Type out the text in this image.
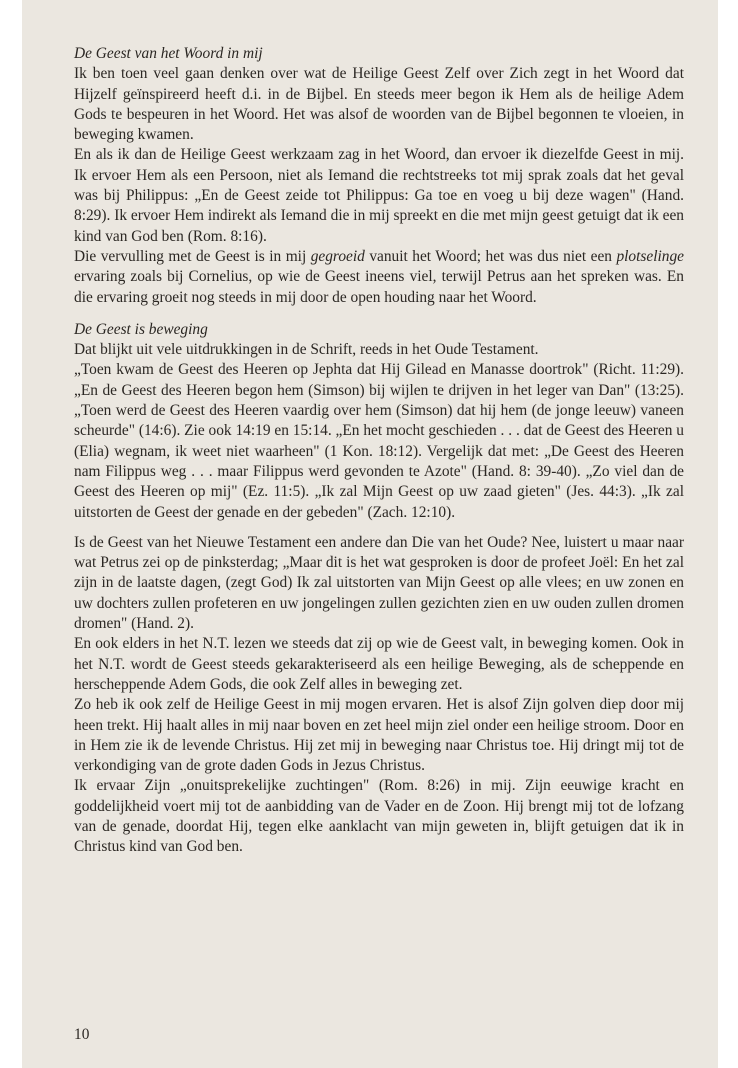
De Geest van het Woord in mij

Ik ben toen veel gaan denken over wat de Heilige Geest Zelf over Zich zegt in het Woord dat Hijzelf geïnspireerd heeft d.i. in de Bijbel. En steeds meer begon ik Hem als de heilige Adem Gods te bespeuren in het Woord. Het was alsof de woorden van de Bijbel begonnen te vloeien, in beweging kwamen.

En als ik dan de Heilige Geest werkzaam zag in het Woord, dan ervoer ik diezelfde Geest in mij. Ik ervoer Hem als een Persoon, niet als Iemand die rechtstreeks tot mij sprak zoals dat het geval was bij Philippus: „En de Geest zeide tot Philippus: Ga toe en voeg u bij deze wagen" (Hand. 8:29). Ik ervoer Hem indirekt als Iemand die in mij spreekt en die met mijn geest getuigt dat ik een kind van God ben (Rom. 8:16).

Die vervulling met de Geest is in mij gegroeid vanuit het Woord; het was dus niet een plotselinge ervaring zoals bij Cornelius, op wie de Geest ineens viel, terwijl Petrus aan het spreken was. En die ervaring groeit nog steeds in mij door de open houding naar het Woord.

De Geest is beweging

Dat blijkt uit vele uitdrukkingen in de Schrift, reeds in het Oude Testament.

„Toen kwam de Geest des Heeren op Jephta dat Hij Gilead en Manasse doortrok" (Richt. 11:29). „En de Geest des Heeren begon hem (Simson) bij wijlen te drijven in het leger van Dan" (13:25). „Toen werd de Geest des Heeren vaardig over hem (Simson) dat hij hem (de jonge leeuw) vaneen scheurde" (14:6). Zie ook 14:19 en 15:14. „En het mocht geschieden . . . dat de Geest des Heeren u (Elia) wegnam, ik weet niet waarheen" (1 Kon. 18:12). Vergelijk dat met: „De Geest des Heeren nam Filippus weg . . . maar Filippus werd gevonden te Azote" (Hand. 8: 39-40). „Zo viel dan de Geest des Heeren op mij" (Ez. 11:5). „Ik zal Mijn Geest op uw zaad gieten" (Jes. 44:3). „Ik zal uitstorten de Geest der genade en der gebeden" (Zach. 12:10).

Is de Geest van het Nieuwe Testament een andere dan Die van het Oude? Nee, luistert u maar naar wat Petrus zei op de pinksterdag; „Maar dit is het wat gesproken is door de profeet Joël: En het zal zijn in de laatste dagen, (zegt God) Ik zal uitstorten van Mijn Geest op alle vlees; en uw zonen en uw dochters zullen profeteren en uw jongelingen zullen gezichten zien en uw ouden zullen dromen dromen" (Hand. 2).

En ook elders in het N.T. lezen we steeds dat zij op wie de Geest valt, in beweging komen. Ook in het N.T. wordt de Geest steeds gekarakteriseerd als een heilige Beweging, als de scheppende en herscheppende Adem Gods, die ook Zelf alles in beweging zet.

Zo heb ik ook zelf de Heilige Geest in mij mogen ervaren. Het is alsof Zijn golven diep door mij heen trekt. Hij haalt alles in mij naar boven en zet heel mijn ziel onder een heilige stroom. Door en in Hem zie ik de levende Christus. Hij zet mij in beweging naar Christus toe. Hij dringt mij tot de verkondiging van de grote daden Gods in Jezus Christus.

Ik ervaar Zijn „onuitsprekelijke zuchtingen" (Rom. 8:26) in mij. Zijn eeuwige kracht en goddelijkheid voert mij tot de aanbidding van de Vader en de Zoon. Hij brengt mij tot de lofzang van de genade, doordat Hij, tegen elke aanklacht van mijn geweten in, blijft getuigen dat ik in Christus kind van God ben.

10
